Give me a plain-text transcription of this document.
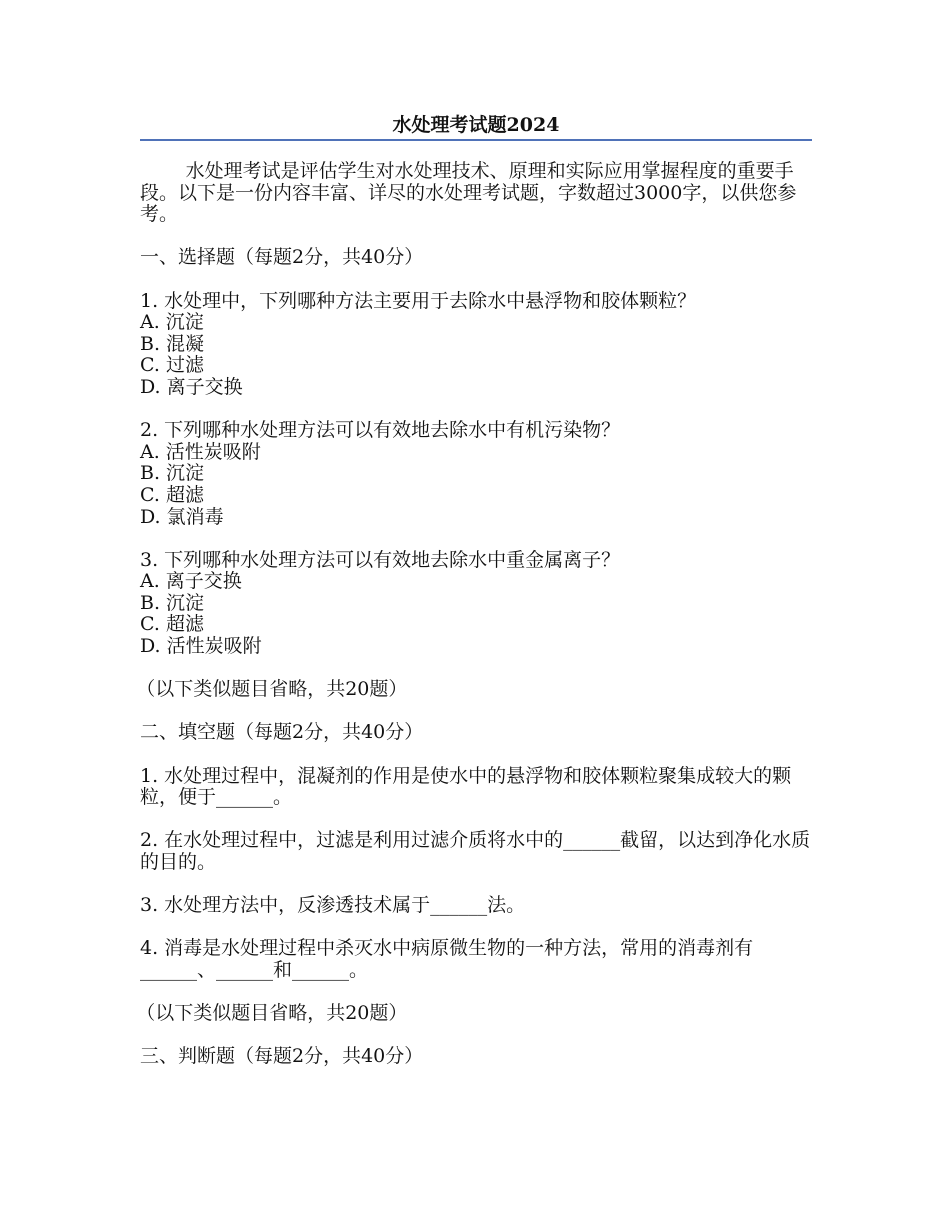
水处理考试题2024

水处理考试是评估学生对水处理技术、原理和实际应用掌握程度的重要手段。以下是一份内容丰富、详尽的水处理考试题，字数超过3000字，以供您参考。

一、选择题（每题2分，共40分）

1. 水处理中，下列哪种方法主要用于去除水中悬浮物和胶体颗粒？

A. 沉淀
B. 混凝
C. 过滤
D. 离子交换

2. 下列哪种水处理方法可以有效地去除水中有机污染物？

A. 活性炭吸附
B. 沉淀
C. 超滤
D. 氯消毒

3. 下列哪种水处理方法可以有效地去除水中重金属离子？

A. 离子交换
B. 沉淀
C. 超滤
D. 活性炭吸附

（以下类似题目省略，共20题）

二、填空题（每题2分，共40分）

1. 水处理过程中，混凝剂的作用是使水中的悬浮物和胶体颗粒聚集成较大的颗粒，便于______。

2. 在水处理过程中，过滤是利用过滤介质将水中的______截留，以达到净化水质的目的。

3. 水处理方法中，反渗透技术属于______法。

4. 消毒是水处理过程中杀灭水中病原微生物的一种方法，常用的消毒剂有______、______和______。

（以下类似题目省略，共20题）

三、判断题（每题2分，共40分）
